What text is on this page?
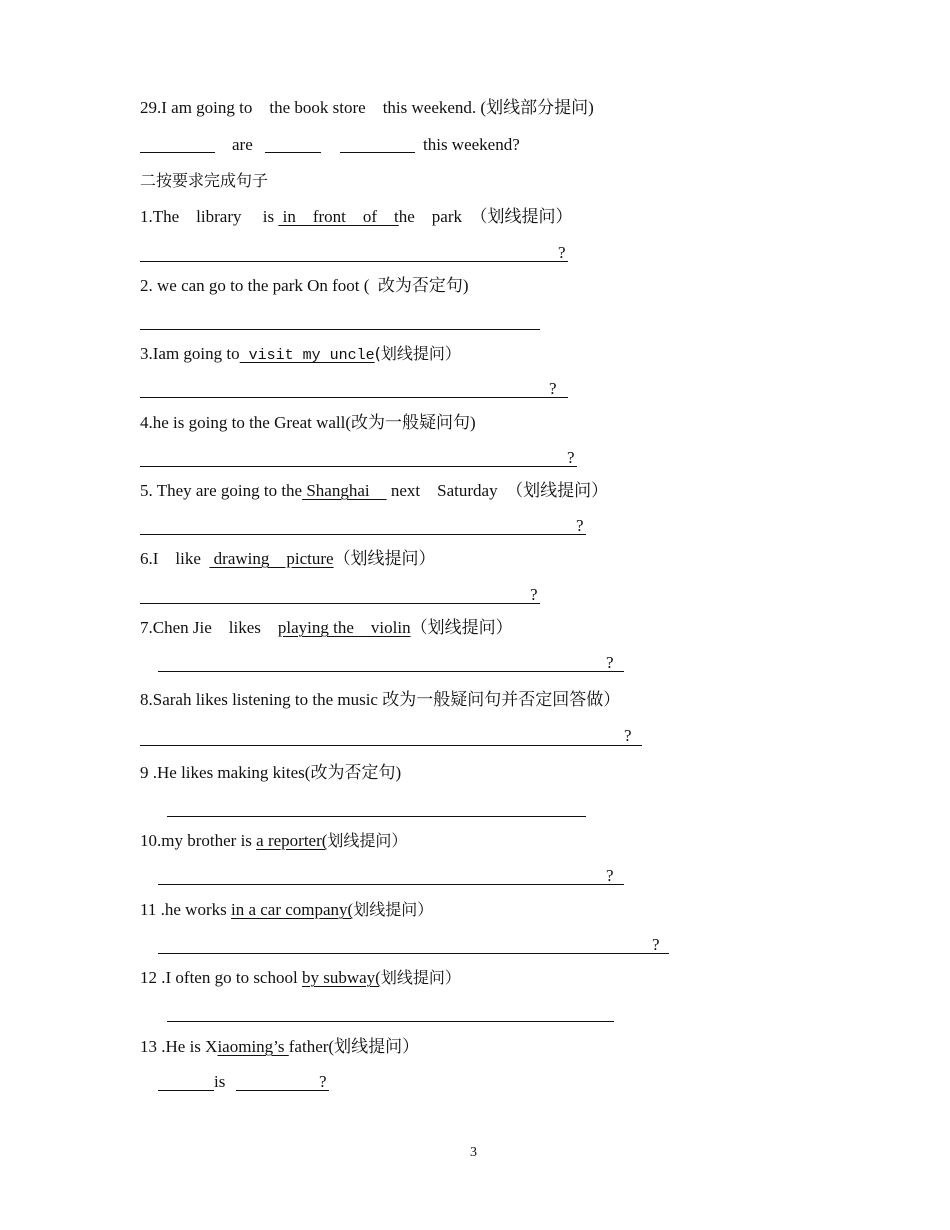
29.I am going to    the book store    this weekend. (划线部分提问)
are	this weekend?
二按要求完成句子
1.The    library     is  in    front    of    the    park  （划线提问）
?
2. we can go to the park On foot (  改为否定句)
3.Iam going to visit my uncle(划线提问）
?
4.he is going to the Great wall(改为一般疑问句)
?
5. They are going to the Shanghai     next    Saturday  （划线提问）
?
6.I    like   drawing    picture（划线提问）
?
7.Chen Jie    likes    playing the    violin（划线提问）
?
8.Sarah likes listening to the music 改为一般疑问句并否定回答做）
?
9 .He likes making kites(改为否定句)
10.my brother is a reporter(划线提问）
?
11 .he works in a car company(划线提问）
?
12 .I often go to school by subway(划线提问）
13 .He is Xiaoming’s father(划线提问）
is	?
3
